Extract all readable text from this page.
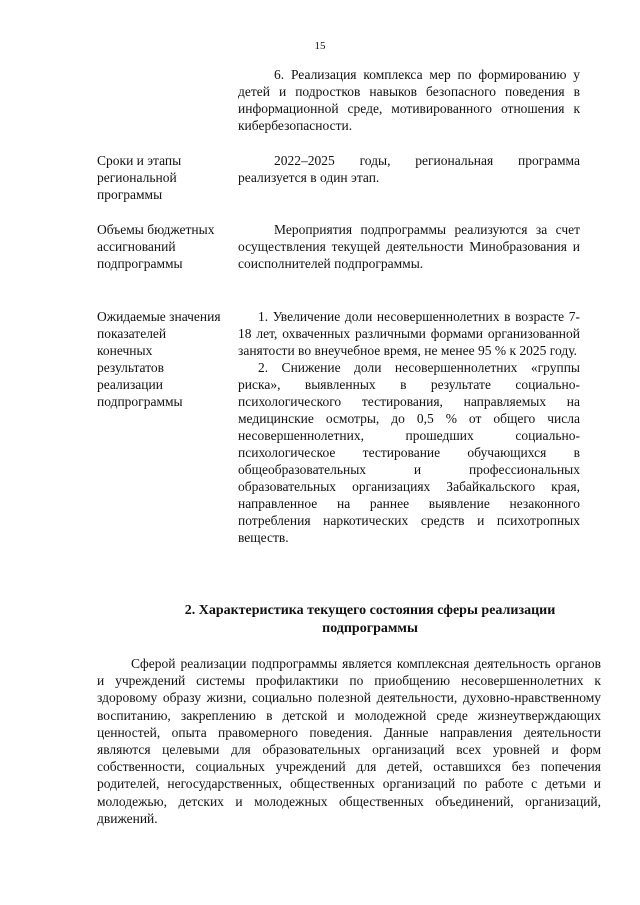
15

6. Реализация комплекса мер по формированию у детей и подростков навыков безопасного поведения в информационной среде, мотивированного отношения к кибербезопасности.

Сроки и этапы региональной программы

2022–2025 годы, региональная программа реализуется в один этап.

Объемы бюджетных ассигнований подпрограммы

Мероприятия подпрограммы реализуются за счет осуществления текущей деятельности Минобразования и соисполнителей подпрограммы.

Ожидаемые значения показателей конечных результатов реализации подпрограммы

1. Увеличение доли несовершеннолетних в возрасте 7-18 лет, охваченных различными формами организованной занятости во внеучебное время, не менее 95 % к 2025 году.

2. Снижение доли несовершеннолетних «группы риска», выявленных в результате социально-психологического тестирования, направляемых на медицинские осмотры, до 0,5 % от общего числа несовершеннолетних, прошедших социально-психологическое тестирование обучающихся в общеобразовательных и профессиональных образовательных организациях Забайкальского края, направленное на раннее выявление незаконного потребления наркотических средств и психотропных веществ.

2. Характеристика текущего состояния сферы реализации подпрограммы

Сферой реализации подпрограммы является комплексная деятельность органов и учреждений системы профилактики по приобщению несовершеннолетних к здоровому образу жизни, социально полезной деятельности, духовно-нравственному воспитанию, закреплению в детской и молодежной среде жизнеутверждающих ценностей, опыта правомерного поведения. Данные направления деятельности являются целевыми для образовательных организаций всех уровней и форм собственности, социальных учреждений для детей, оставшихся без попечения родителей, негосударственных, общественных организаций по работе с детьми и молодежью, детских и молодежных общественных объединений, организаций, движений.
